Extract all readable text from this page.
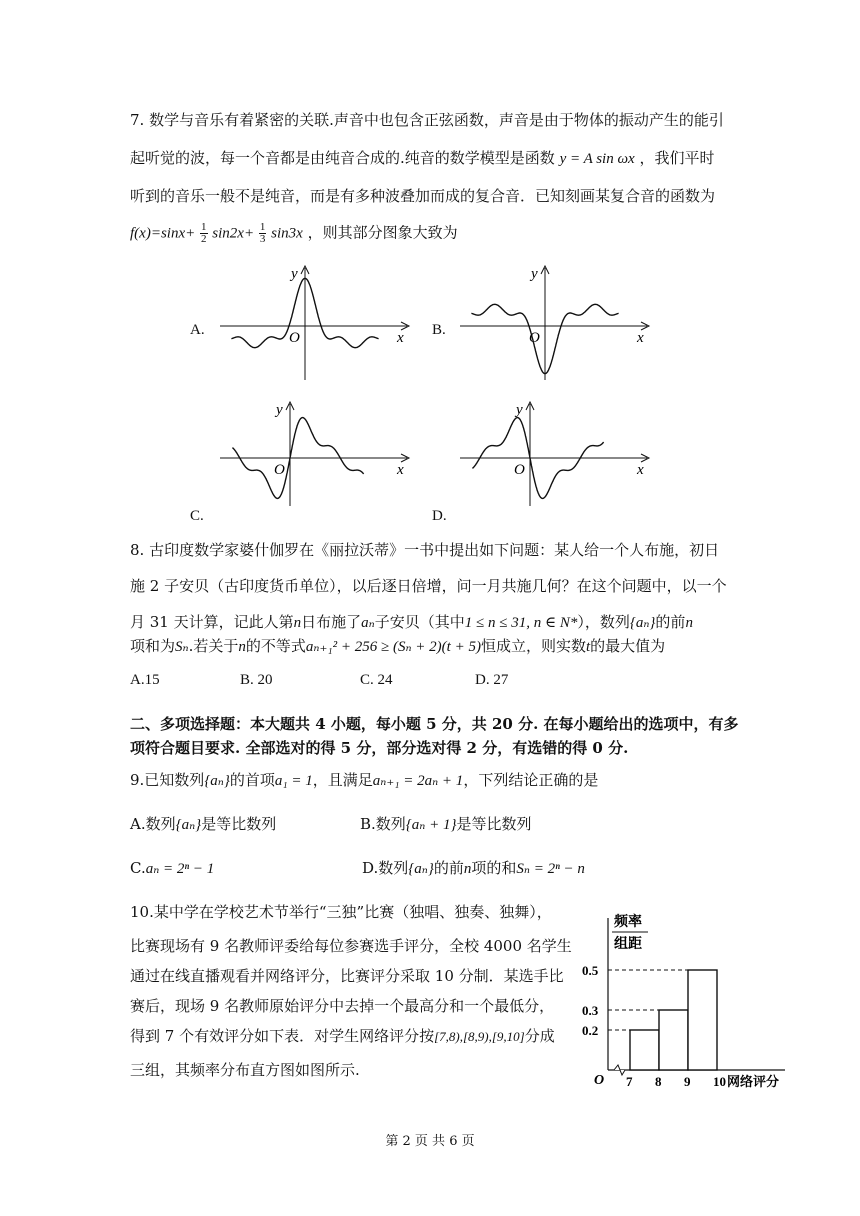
7. 数学与音乐有着紧密的关联.声音中也包含正弦函数，声音是由于物体的振动产生的能引
起听觉的波，每一个音都是由纯音合成的.纯音的数学模型是函数 y = A sin ωx ，我们平时
听到的音乐一般不是纯音，而是有多种波叠加而成的复合音．已知刻画某复合音的函数为
$f(x)=\sin x+ \frac{1}{2} \sin 2x+ \frac{1}{3} \sin 3x$ ，则其部分图象大致为
A.	B.
C.	D.
x
y
O	x
y
O
x
y
O	x
y
O
8. 古印度数学家婆什伽罗在《丽拉沃蒂》一书中提出如下问题：某人给一个人布施，初日
施 2 子安贝（古印度货币单位），以后逐日倍增，问一月共施几何？在这个问题中，以一个
月 31 天计算，记此人第n日布施了aₙ子安贝（其中1 ≤ n ≤ 31, n ∈ N*），数列{aₙ}的前n
项和为Sₙ.若关于n的不等式aₙ₊₁² + 256 ≥ (Sₙ + 2)(t + 5)恒成立，则实数t的最大值为
A.15	B. 20	C. 24	D. 27
二、多项选择题：本大题共 4 小题，每小题 5 分，共 20 分. 在每小题给出的选项中，有多
项符合题目要求. 全部选对的得 5 分，部分选对得 2 分，有选错的得 0 分.
9.已知数列{aₙ}的首项a₁ = 1，且满足aₙ₊₁ = 2aₙ + 1，下列结论正确的是
A.数列{aₙ}是等比数列	B.数列{aₙ + 1}是等比数列
C.aₙ = 2ⁿ − 1	D.数列{aₙ}的前n项的和Sₙ = 2ⁿ − n
10.某中学在学校艺术节举行“三独”比赛（独唱、独奏、独舞），
比赛现场有 9 名教师评委给每位参赛选手评分，全校 4000 名学生
通过在线直播观看并网络评分，比赛评分采取 10 分制．某选手比
赛后，现场 9 名教师原始评分中去掉一个最高分和一个最低分，
得到 7 个有效评分如下表．对学生网络评分按[7,8),[8,9),[9,10]分成
三组，其频率分布直方图如图所示.
频率
组距
0.2
0.3
0.5
7 8 9 10 网络评分
O
第 2 页 共 6 页
